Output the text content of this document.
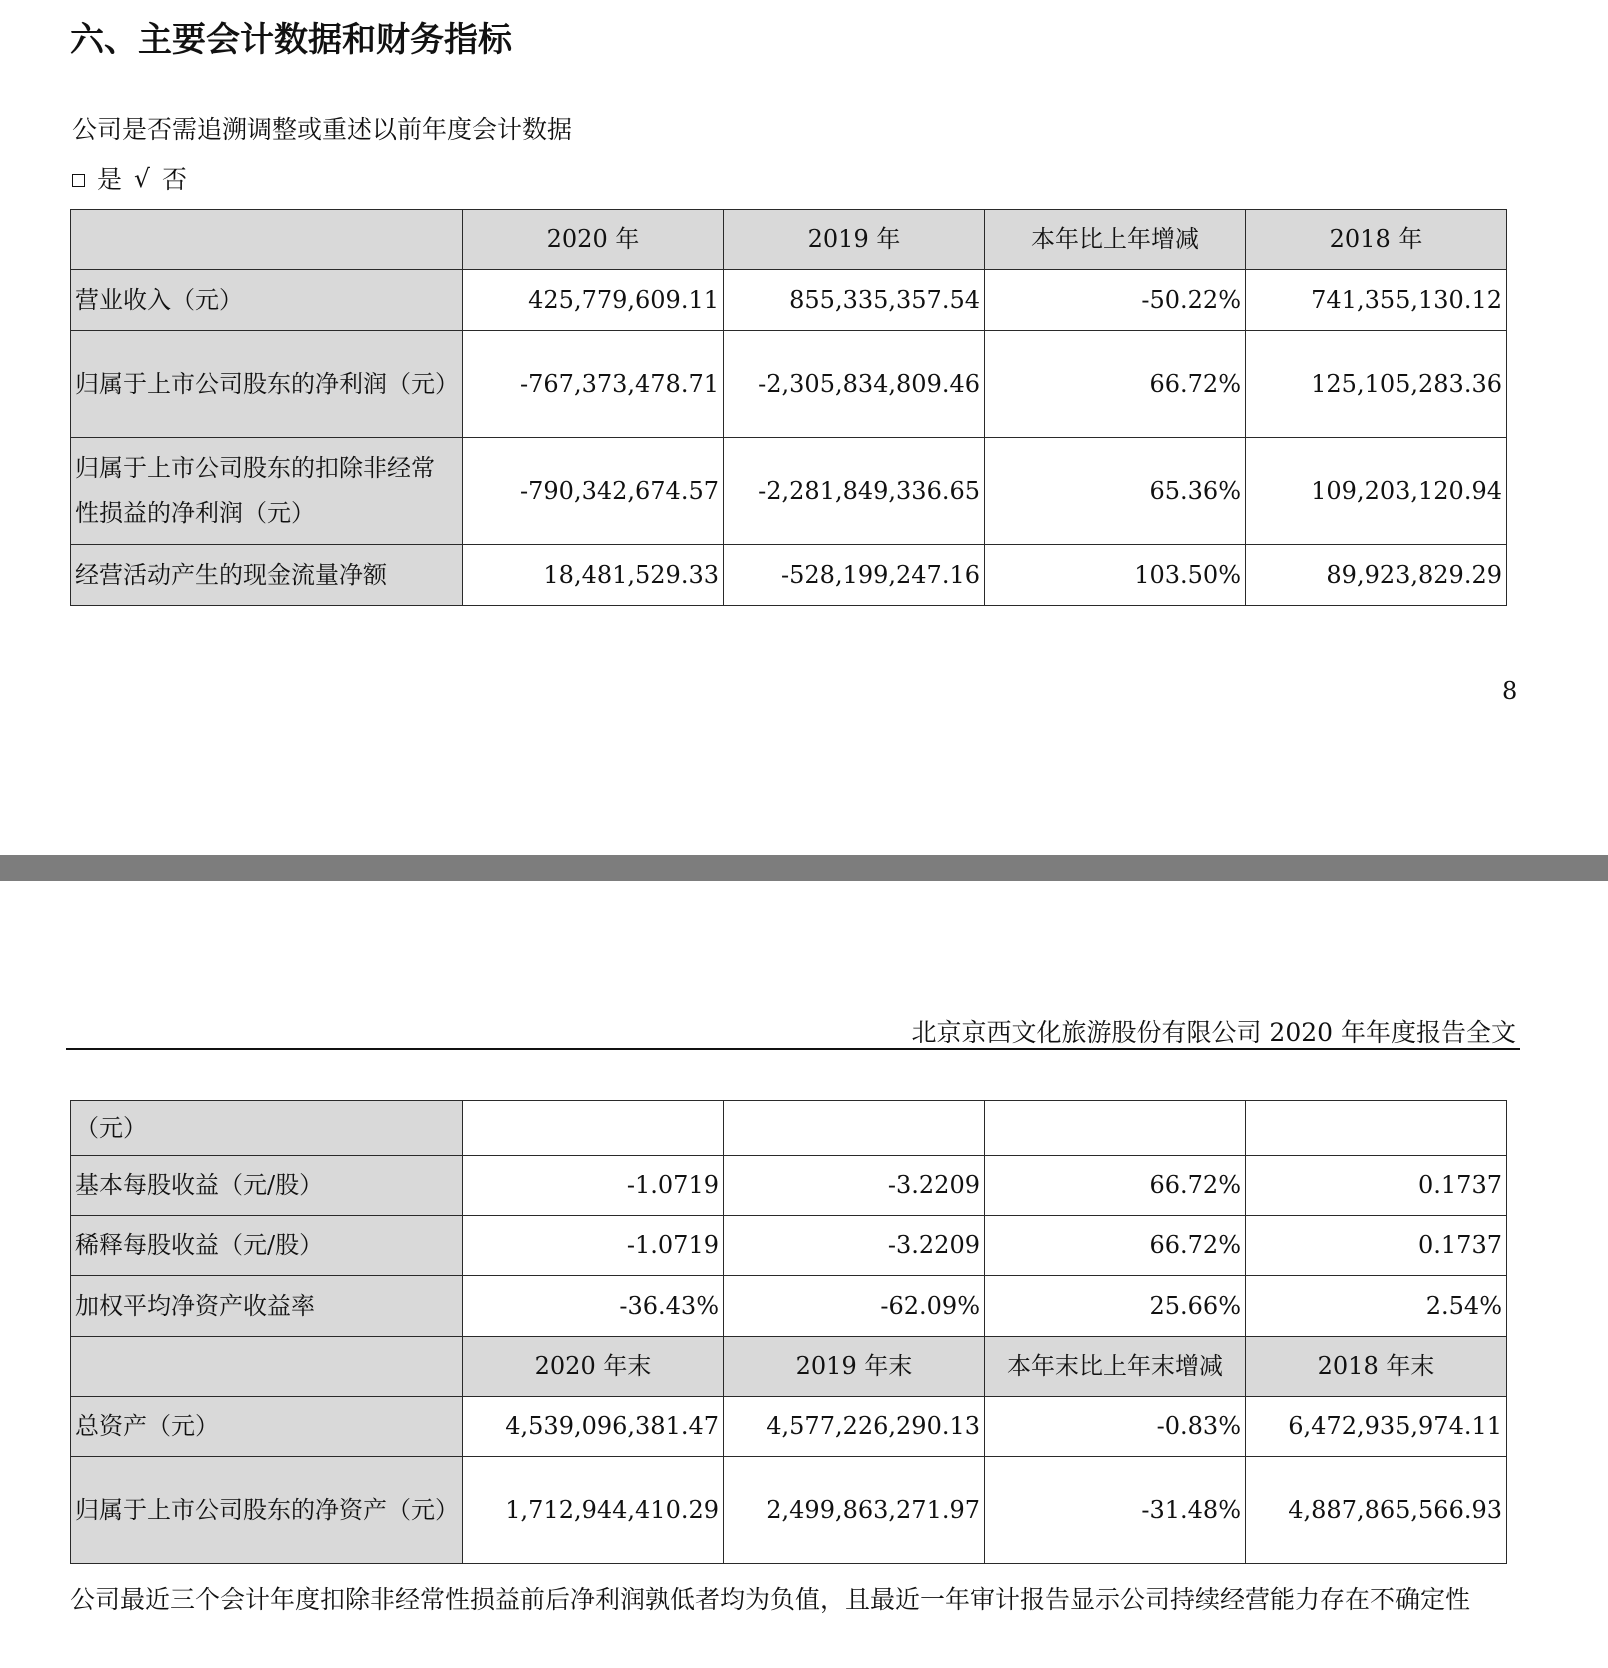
六、主要会计数据和财务指标
公司是否需追溯调整或重述以前年度会计数据
是 √ 否
	2020 年	2019 年	本年比上年增减	2018 年
营业收入（元）	425,779,609.11	855,335,357.54	-50.22%	741,355,130.12
归属于上市公司股东的净利润（元）	-767,373,478.71	-2,305,834,809.46	66.72%	125,105,283.36
归属于上市公司股东的扣除非经常性损益的净利润（元）	-790,342,674.57	-2,281,849,336.65	65.36%	109,203,120.94
经营活动产生的现金流量净额	18,481,529.33	-528,199,247.16	103.50%	89,923,829.29
8
北京京西文化旅游股份有限公司 2020 年年度报告全文
（元）				
基本每股收益（元/股）	-1.0719	-3.2209	66.72%	0.1737
稀释每股收益（元/股）	-1.0719	-3.2209	66.72%	0.1737
加权平均净资产收益率	-36.43%	-62.09%	25.66%	2.54%
	2020 年末	2019 年末	本年末比上年末增减	2018 年末
总资产（元）	4,539,096,381.47	4,577,226,290.13	-0.83%	6,472,935,974.11
归属于上市公司股东的净资产（元）	1,712,944,410.29	2,499,863,271.97	-31.48%	4,887,865,566.93
公司最近三个会计年度扣除非经常性损益前后净利润孰低者均为负值，且最近一年审计报告显示公司持续经营能力存在不确定性
